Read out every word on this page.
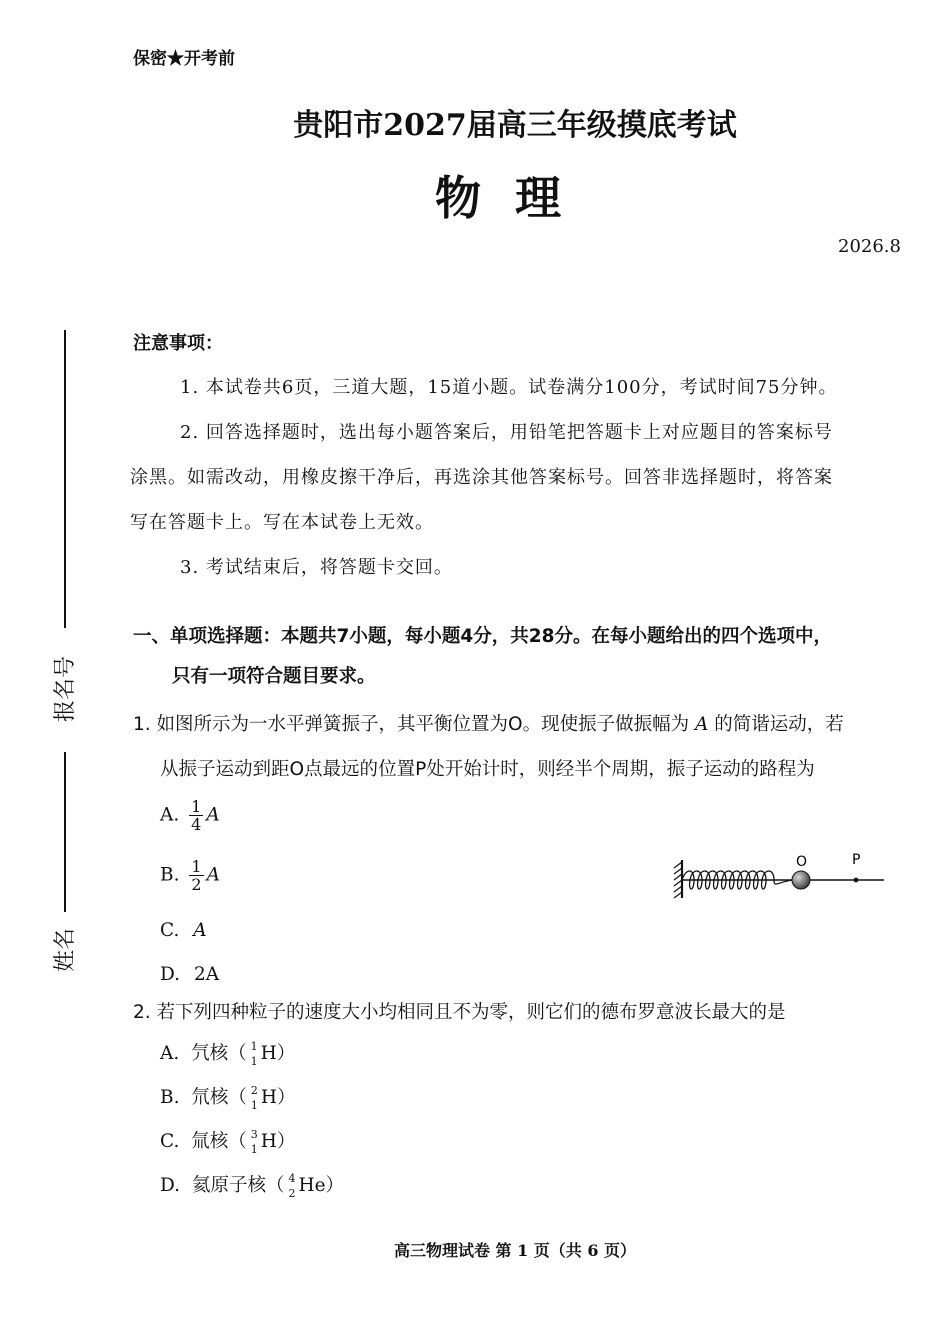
保密★开考前
贵阳市2027届高三年级摸底考试
物理
2026.8
报名号
姓名
注意事项：
1. 本试卷共6页，三道大题，15道小题。试卷满分100分，考试时间75分钟。
2. 回答选择题时，选出每小题答案后，用铅笔把答题卡上对应题目的答案标号
涂黑。如需改动，用橡皮擦干净后，再选涂其他答案标号。回答非选择题时，将答案
写在答题卡上。写在本试卷上无效。
3. 考试结束后，将答题卡交回。
一、单项选择题：本题共7小题，每小题4分，共28分。在每小题给出的四个选项中，
只有一项符合题目要求。
1. 如图所示为一水平弹簧振子，其平衡位置为O。现使振子做振幅为 A 的简谐运动，若
从振子运动到距O点最远的位置P处开始计时，则经半个周期，振子运动的路程为
A. $\frac{1}{4}$ A
B. $\frac{1}{2}$ A
C. A
D. 2A
O	P
2. 若下列四种粒子的速度大小均相同且不为零，则它们的德布罗意波长最大的是
A. 氕核（ 1
1 H）
B. 氘核（ 2
1 H）
C. 氚核（ 3
1 H）
D. 氦原子核（ 4
2 He）
高三物理试卷 第 1 页（共 6 页）
